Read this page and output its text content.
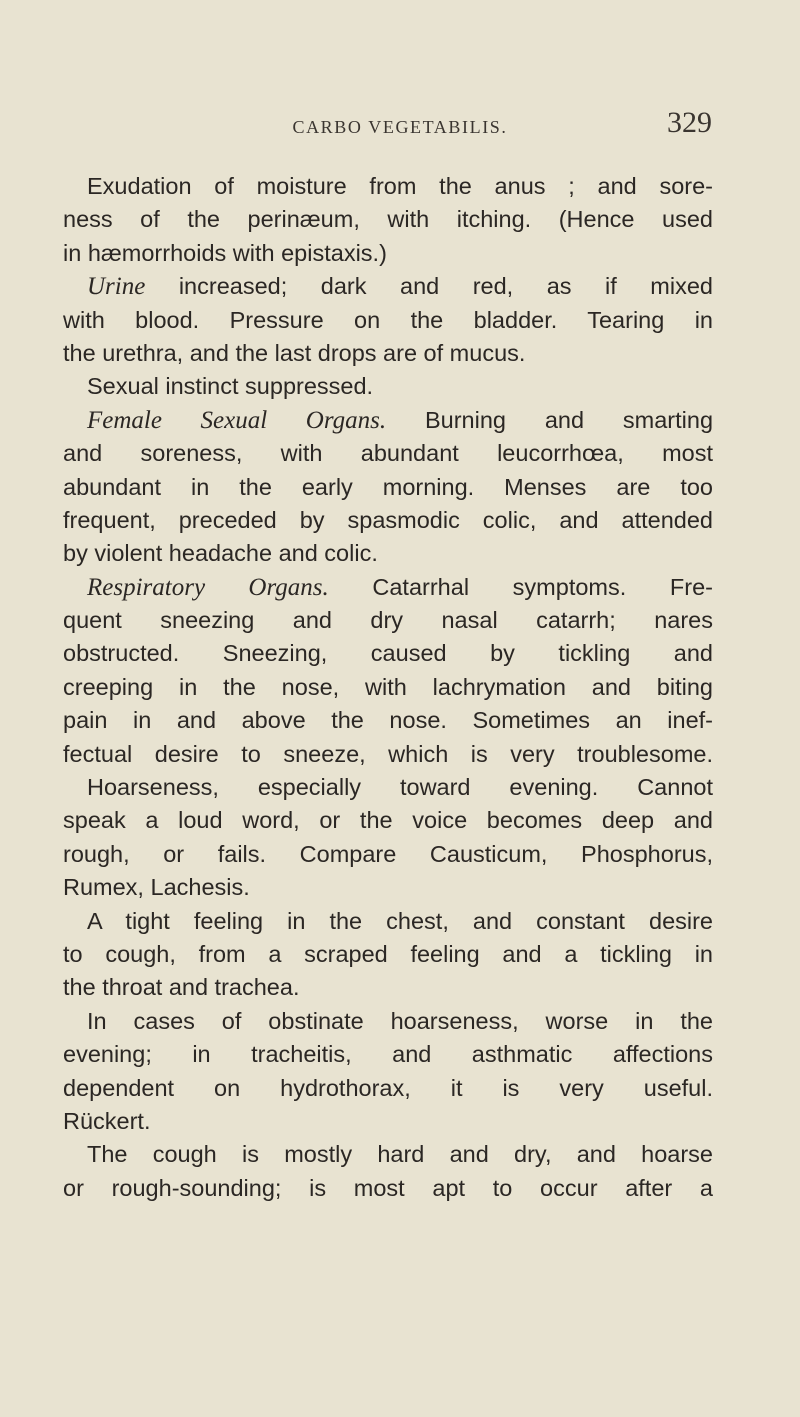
CARBO VEGETABILIS.	329
Exudation of moisture from the anus ; and sore-
ness of the perinæum, with itching. (Hence used
in hæmorrhoids with epistaxis.)
Urine increased; dark and red, as if mixed
with blood. Pressure on the bladder. Tearing in
the urethra, and the last drops are of mucus.
Sexual instinct suppressed.
Female Sexual Organs. Burning and smarting
and soreness, with abundant leucorrhœa, most
abundant in the early morning. Menses are too
frequent, preceded by spasmodic colic, and attended
by violent headache and colic.
Respiratory Organs. Catarrhal symptoms. Fre-
quent sneezing and dry nasal catarrh; nares
obstructed. Sneezing, caused by tickling and
creeping in the nose, with lachrymation and biting
pain in and above the nose. Sometimes an inef-
fectual desire to sneeze, which is very troublesome.
Hoarseness, especially toward evening. Cannot
speak a loud word, or the voice becomes deep and
rough, or fails. Compare Causticum, Phosphorus,
Rumex, Lachesis.
A tight feeling in the chest, and constant desire
to cough, from a scraped feeling and a tickling in
the throat and trachea.
In cases of obstinate hoarseness, worse in the
evening; in tracheitis, and asthmatic affections
dependent on hydrothorax, it is very useful.
Rückert.
The cough is mostly hard and dry, and hoarse
or rough-sounding; is most apt to occur after a
